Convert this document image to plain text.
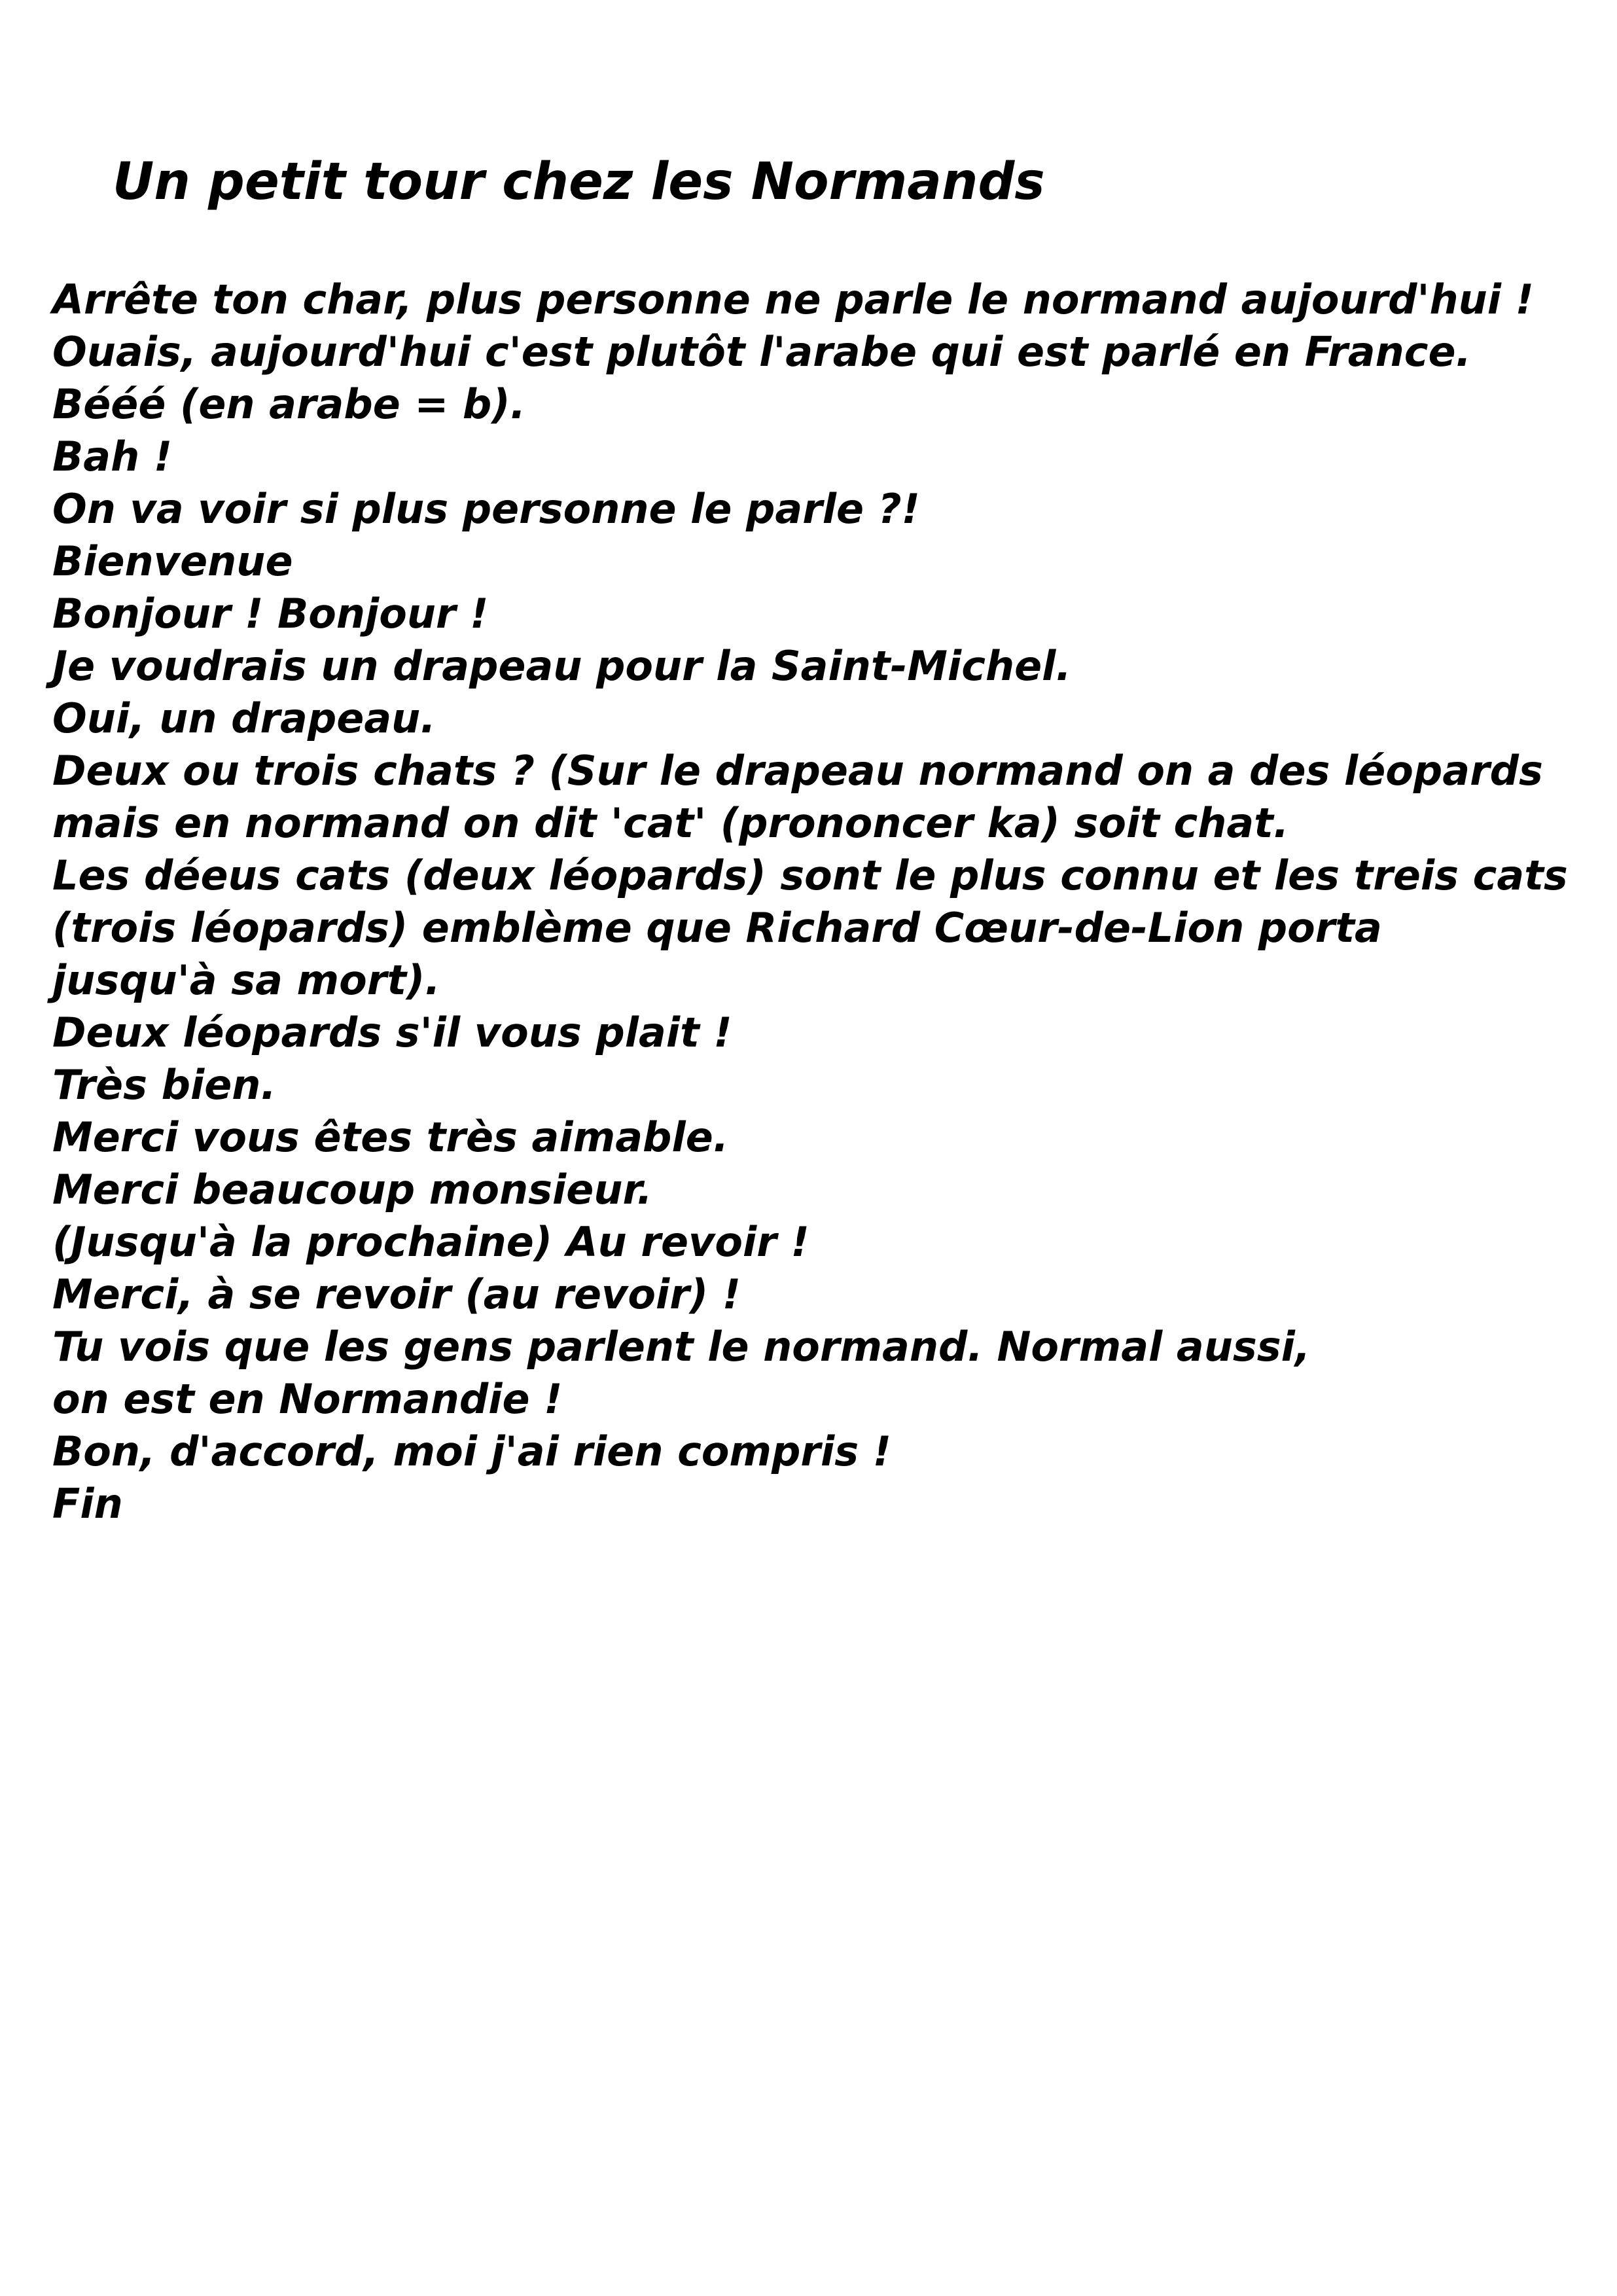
Un petit tour chez les Normands
Arrête ton char, plus personne ne parle le normand aujourd'hui !
Ouais, aujourd'hui c'est plutôt l'arabe qui est parlé en France.
Bééé (en arabe = b).
Bah !
On va voir si plus personne le parle ?!
Bienvenue
Bonjour ! Bonjour !
Je voudrais un drapeau pour la Saint-Michel.
Oui, un drapeau.
Deux ou trois chats ? (Sur le drapeau normand on a des léopards
mais en normand on dit 'cat' (prononcer ka) soit chat.
Les déeus cats (deux léopards) sont le plus connu et les treis cats
(trois léopards) emblème que Richard Cœur-de-Lion porta
jusqu'à sa mort).
Deux léopards s'il vous plait !
Très bien.
Merci vous êtes très aimable.
Merci beaucoup monsieur.
(Jusqu'à la prochaine) Au revoir !
Merci, à se revoir (au revoir) !
Tu vois que les gens parlent le normand. Normal aussi,
on est en Normandie !
Bon, d'accord, moi j'ai rien compris !
Fin
